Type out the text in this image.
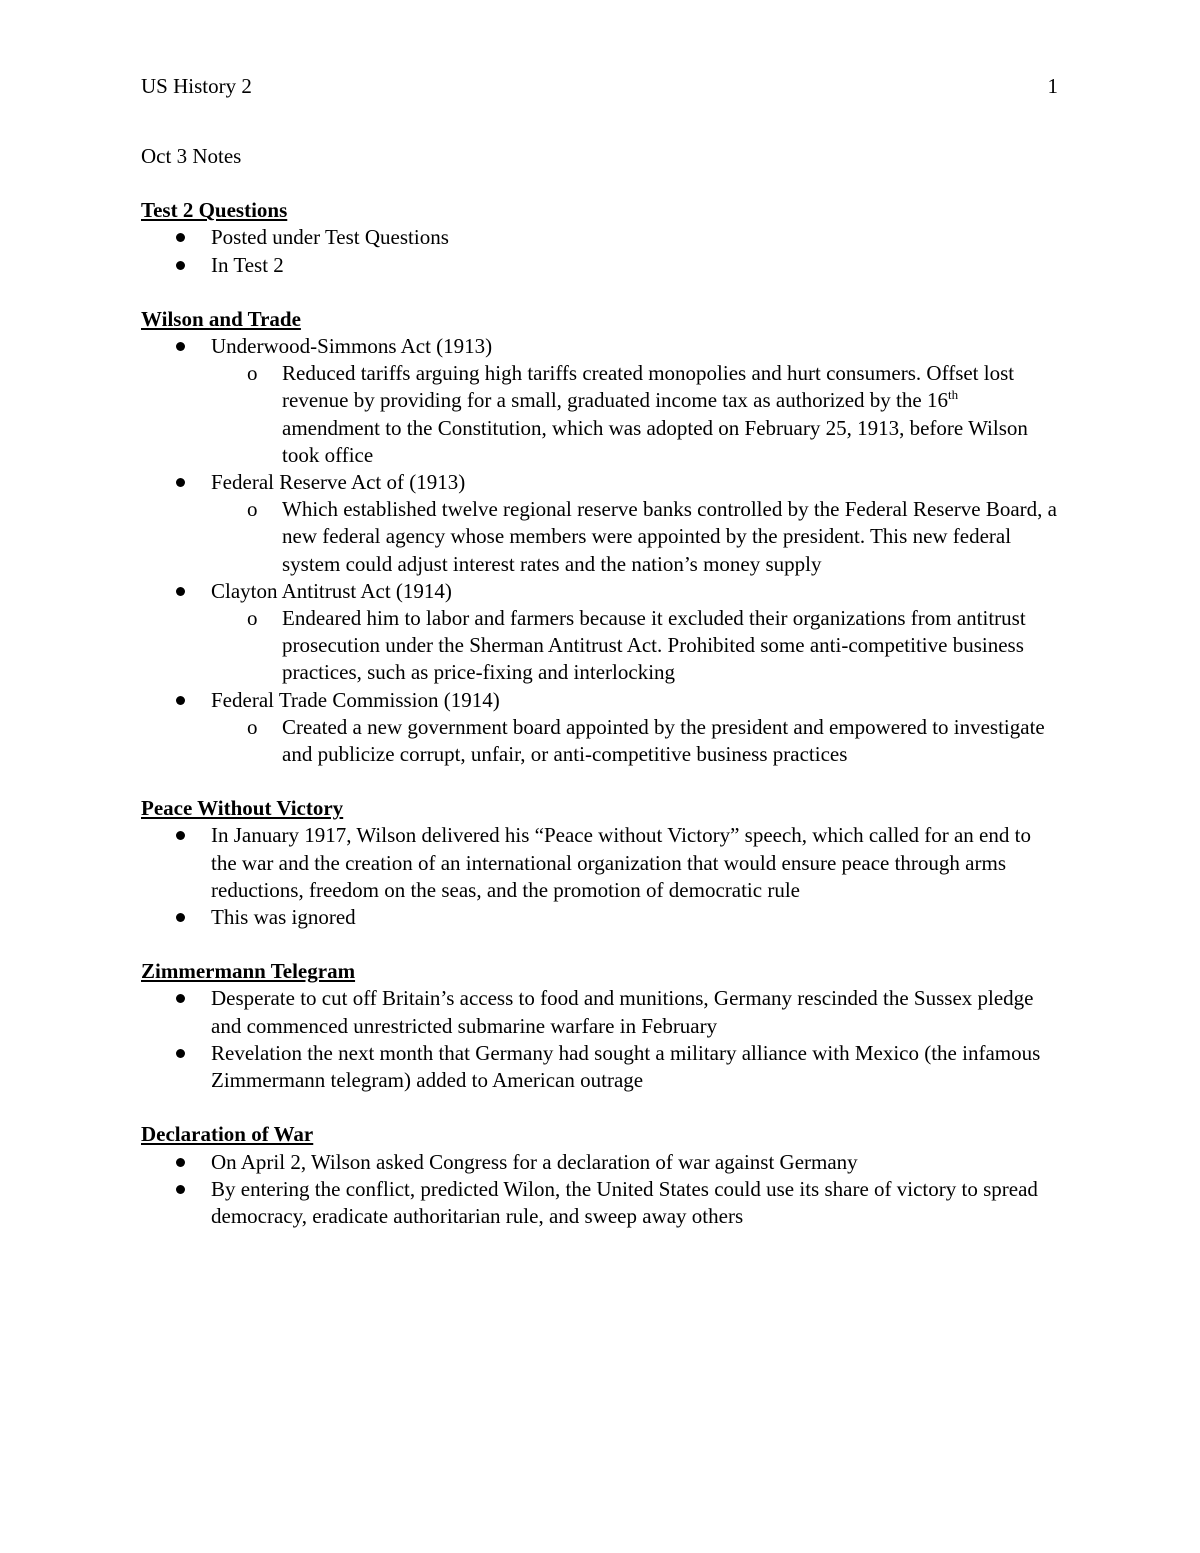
US History 2	1
Oct 3 Notes
Test 2 Questions
Posted under Test Questions
In Test 2
Wilson and Trade
Underwood-Simmons Act (1913)
o Reduced tariffs arguing high tariffs created monopolies and hurt consumers. Offset lost revenue by providing for a small, graduated income tax as authorized by the 16th amendment to the Constitution, which was adopted on February 25, 1913, before Wilson took office
Federal Reserve Act of (1913)
o Which established twelve regional reserve banks controlled by the Federal Reserve Board, a new federal agency whose members were appointed by the president. This new federal system could adjust interest rates and the nation’s money supply
Clayton Antitrust Act (1914)
o Endeared him to labor and farmers because it excluded their organizations from antitrust prosecution under the Sherman Antitrust Act. Prohibited some anti-competitive business practices, such as price-fixing and interlocking
Federal Trade Commission (1914)
o Created a new government board appointed by the president and empowered to investigate and publicize corrupt, unfair, or anti-competitive business practices
Peace Without Victory
In January 1917, Wilson delivered his “Peace without Victory” speech, which called for an end to the war and the creation of an international organization that would ensure peace through arms reductions, freedom on the seas, and the promotion of democratic rule
This was ignored
Zimmermann Telegram
Desperate to cut off Britain’s access to food and munitions, Germany rescinded the Sussex pledge and commenced unrestricted submarine warfare in February
Revelation the next month that Germany had sought a military alliance with Mexico (the infamous Zimmermann telegram) added to American outrage
Declaration of War
On April 2, Wilson asked Congress for a declaration of war against Germany
By entering the conflict, predicted Wilon, the United States could use its share of victory to spread democracy, eradicate authoritarian rule, and sweep away others
